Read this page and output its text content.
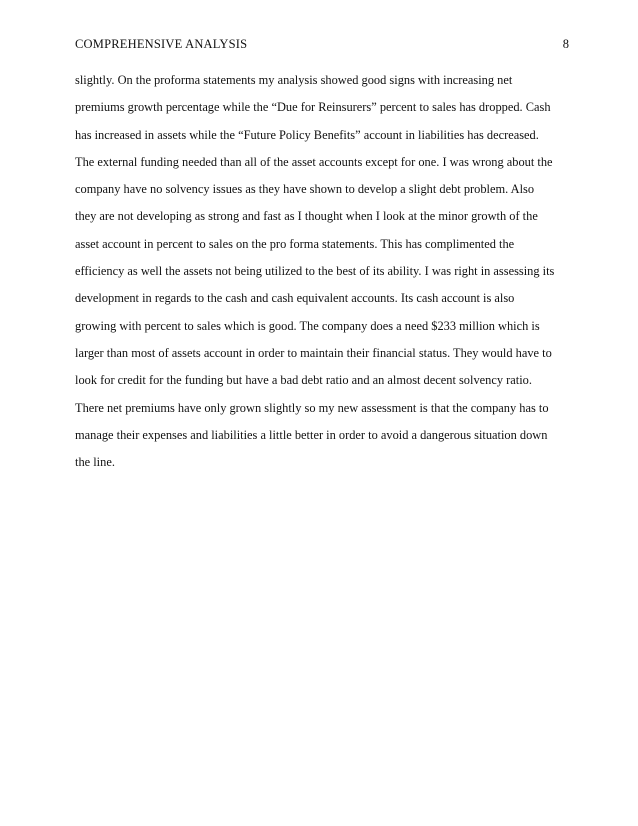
COMPREHENSIVE ANALYSIS	8
slightly. On the proforma statements my analysis showed good signs with increasing net
premiums growth percentage while the “Due for Reinsurers” percent to sales has dropped. Cash
has increased in assets while the “Future Policy Benefits” account in liabilities has decreased.
The external funding needed than all of the asset accounts except for one. I was wrong about the
company have no solvency issues as they have shown to develop a slight debt problem. Also
they are not developing as strong and fast as I thought when I look at the minor growth of the
asset account in percent to sales on the pro forma statements. This has complimented the
efficiency as well the assets not being utilized to the best of its ability. I was right in assessing its
development in regards to the cash and cash equivalent accounts. Its cash account is also
growing with percent to sales which is good. The company does a need $233 million which is
larger than most of assets account in order to maintain their financial status. They would have to
look for credit for the funding but have a bad debt ratio and an almost decent solvency ratio.
There net premiums have only grown slightly so my new assessment is that the company has to
manage their expenses and liabilities a little better in order to avoid a dangerous situation down
the line.
